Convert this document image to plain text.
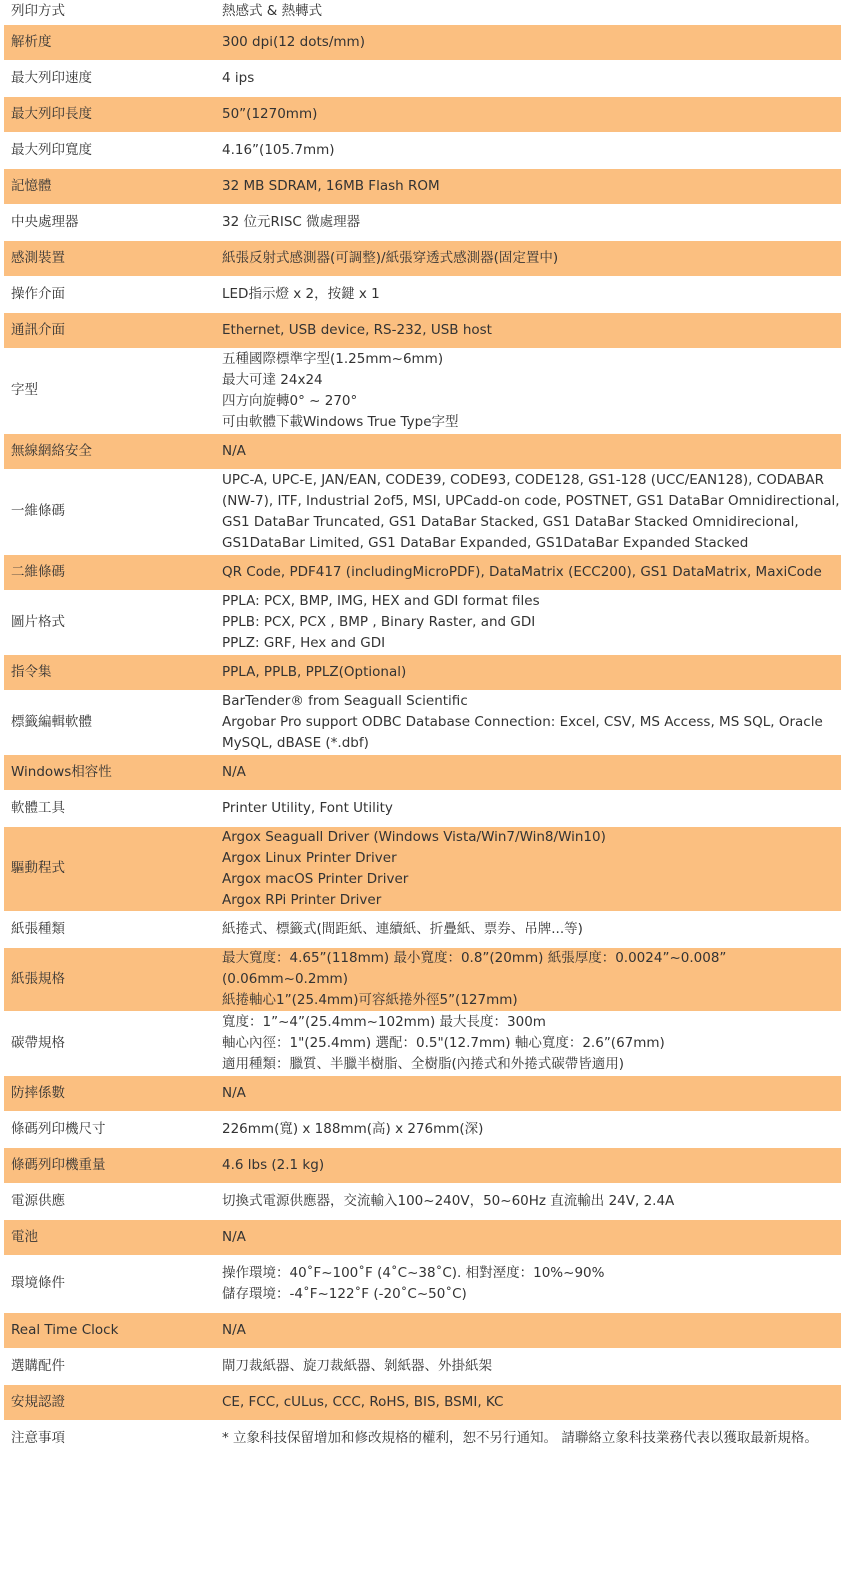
列印方式	熱感式 & 熱轉式

解析度	300 dpi(12 dots/mm)

最大列印速度	4 ips

最大列印長度	50”(1270mm)

最大列印寬度	4.16”(105.7mm)

記憶體	32 MB SDRAM, 16MB Flash ROM

中央處理器	32 位元RISC 微處理器

感測裝置	紙張反射式感測器(可調整)/紙張穿透式感測器(固定置中)

操作介面	LED指示燈 x 2，按鍵 x 1

通訊介面	Ethernet, USB device, RS-232, USB host

字型	五種國際標準字型(1.25mm~6mm)
最大可達 24x24
四方向旋轉0° ~ 270°
可由軟體下載Windows True Type字型

無線網絡安全	N/A

一維條碼	UPC-A, UPC-E, JAN/EAN, CODE39, CODE93, CODE128, GS1-128 (UCC/EAN128), CODABAR
(NW-7), ITF, Industrial 2of5, MSI, UPCadd-on code, POSTNET, GS1 DataBar Omnidirectional,
GS1 DataBar Truncated, GS1 DataBar Stacked, GS1 DataBar Stacked Omnidirecional,
GS1DataBar Limited, GS1 DataBar Expanded, GS1DataBar Expanded Stacked

二維條碼	QR Code, PDF417 (includingMicroPDF), DataMatrix (ECC200), GS1 DataMatrix, MaxiCode

圖片格式	PPLA: PCX, BMP, IMG, HEX and GDI format files
PPLB: PCX, PCX , BMP , Binary Raster, and GDI
PPLZ: GRF, Hex and GDI

指令集	PPLA, PPLB, PPLZ(Optional)

標籤編輯軟體	BarTender® from Seaguall Scientific
Argobar Pro support ODBC Database Connection: Excel, CSV, MS Access, MS SQL, Oracle
MySQL, dBASE (*.dbf)

Windows相容性	N/A

軟體工具	Printer Utility, Font Utility

驅動程式	Argox Seaguall Driver (Windows Vista/Win7/Win8/Win10)
Argox Linux Printer Driver
Argox macOS Printer Driver
Argox RPi Printer Driver

紙張種類	紙捲式、標籤式(間距紙、連續紙、折疊紙、票券、吊牌...等)

紙張規格	最大寬度：4.65”(118mm) 最小寬度：0.8”(20mm) 紙張厚度：0.0024”~0.008”
(0.06mm~0.2mm)
紙捲軸心1”(25.4mm)可容紙捲外徑5”(127mm)

碳帶規格	寬度：1”~4”(25.4mm~102mm) 最大長度：300m
軸心內徑：1"(25.4mm) 選配：0.5"(12.7mm) 軸心寬度：2.6”(67mm)
適用種類：臘質、半臘半樹脂、全樹脂(內捲式和外捲式碳帶皆適用)

防摔係數	N/A

條碼列印機尺寸	226mm(寬) x 188mm(高) x 276mm(深)

條碼列印機重量	4.6 lbs (2.1 kg)

電源供應	切換式電源供應器，交流輸入100~240V，50~60Hz 直流輸出 24V, 2.4A

電池	N/A

環境條件	操作環境：40˚F~100˚F (4˚C~38˚C). 相對溼度：10%~90%
儲存環境：-4˚F~122˚F (-20˚C~50˚C)

Real Time Clock	N/A

選購配件	閘刀裁紙器、旋刀裁紙器、剝紙器、外掛紙架

安規認證	CE, FCC, cULus, CCC, RoHS, BIS, BSMI, KC

注意事項	* 立象科技保留增加和修改規格的權利，恕不另行通知。 請聯絡立象科技業務代表以獲取最新規格。
